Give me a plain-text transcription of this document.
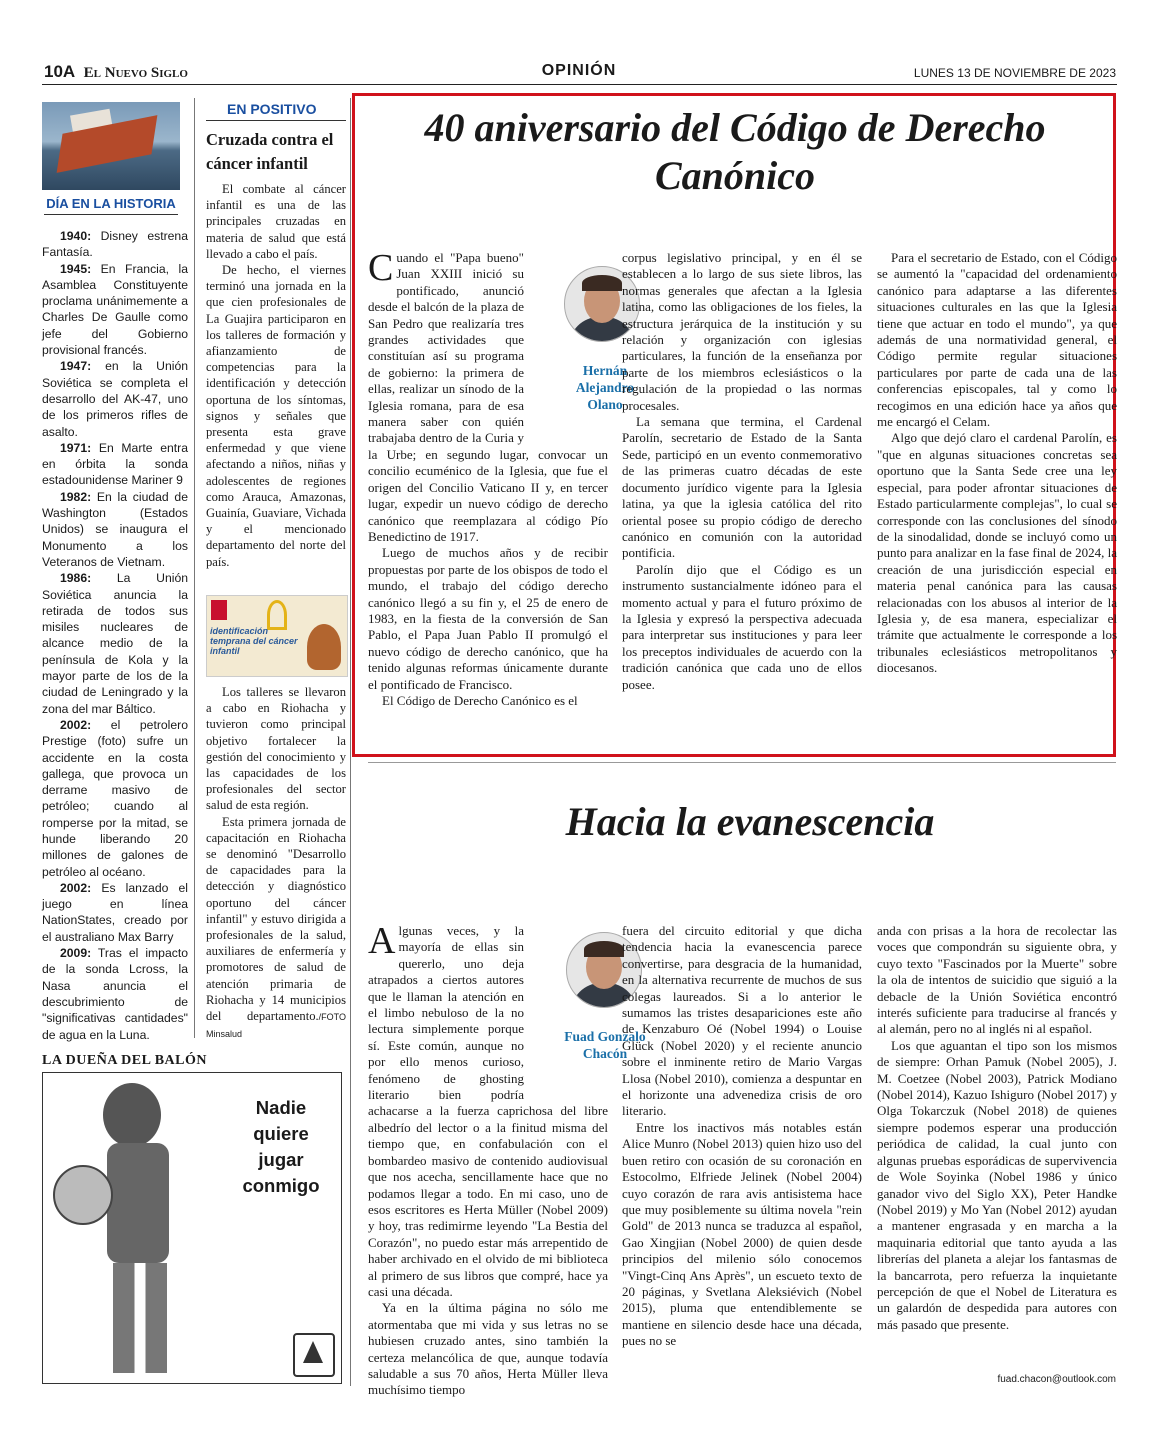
10A El Nuevo Siglo	OPINIÓN	LUNES 13 DE NOVIEMBRE DE 2023
DÍA EN LA HISTORIA

1940: Disney estrena Fantasía.

1945: En Francia, la Asamblea Constituyente proclama unánimemente a Charles De Gaulle como jefe del Gobierno provisional francés.

1947: en la Unión Soviética se completa el desarrollo del AK-47, uno de los primeros rifles de asalto.

1971: En Marte entra en órbita la sonda estadounidense Mariner 9

1982: En la ciudad de Washington (Estados Unidos) se inaugura el Monumento a los Veteranos de Vietnam.

1986: La Unión Soviética anuncia la retirada de todos sus misiles nucleares de alcance medio de la península de Kola y la mayor parte de los de la ciudad de Leningrado y la zona del mar Báltico.

2002: el petrolero Prestige (foto) sufre un accidente en la costa gallega, que provoca un derrame masivo de petróleo; cuando al romperse por la mitad, se hunde liberando 20 millones de galones de petróleo al océano.

2002: Es lanzado el juego en línea NationStates, creado por el australiano Max Barry

2009: Tras el impacto de la sonda Lcross, la Nasa anuncia el descubrimiento de "significativas cantidades" de agua en la Luna.

EN POSITIVO
Cruzada contra el cáncer infantil

El combate al cáncer infantil es una de las principales cruzadas en materia de salud que está llevado a cabo el país.

De hecho, el viernes terminó una jornada en la que cien profesionales de La Guajira participaron en los talleres de formación y afianzamiento de competencias para la identificación y detección oportuna de los síntomas, signos y señales que presenta esta grave enfermedad y que viene afectando a niños, niñas y adolescentes de regiones como Arauca, Amazonas, Guainía, Guaviare, Vichada y el mencionado departamento del norte del país.

identificación temprana del cáncer infantil

Los talleres se llevaron a cabo en Riohacha y tuvieron como principal objetivo fortalecer la gestión del conocimiento y las capacidades de los profesionales del sector salud de esta región.

Esta primera jornada de capacitación en Riohacha se denominó "Desarrollo de capacidades para la detección y diagnóstico oportuno del cáncer infantil" y estuvo dirigida a profesionales de la salud, auxiliares de enfermería y promotores de salud de atención primaria de Riohacha y 14 municipios del departamento./FOTO Minsalud

40 aniversario del Código de Derecho Canónico

Cuando el "Papa bueno" Juan XXIII inició su pontificado, anunció desde el balcón de la plaza de San Pedro que realizaría tres grandes actividades que constituían así su programa de gobierno: la primera de ellas, realizar un sínodo de la Iglesia romana, para de esa manera saber con quién trabajaba dentro de la Curia y la Urbe; en segundo lugar, convocar un concilio ecuménico de la Iglesia, que fue el origen del Concilio Vaticano II y, en tercer lugar, expedir un nuevo código de derecho canónico que reemplazara al código Pío Benedictino de 1917.

Luego de muchos años y de recibir propuestas por parte de los obispos de todo el mundo, el trabajo del código derecho canónico llegó a su fin y, el 25 de enero de 1983, en la fiesta de la conversión de San Pablo, el Papa Juan Pablo II promulgó el nuevo código de derecho canónico, que ha tenido algunas reformas únicamente durante el pontificado de Francisco.

El Código de Derecho Canónico es el

Hernán Alejandro Olano

corpus legislativo principal, y en él se establecen a lo largo de sus siete libros, las normas generales que afectan a la Iglesia latina, como las obligaciones de los fieles, la estructura jerárquica de la institución y su relación y organización con iglesias particulares, la función de la enseñanza por parte de los miembros eclesiásticos o la regulación de la propiedad o las normas procesales.

La semana que termina, el Cardenal Parolín, secretario de Estado de la Santa Sede, participó en un evento conmemorativo de las primeras cuatro décadas de este documento jurídico vigente para la Iglesia latina, ya que la iglesia católica del rito oriental posee su propio código de derecho canónico en comunión con la autoridad pontificia.

Parolín dijo que el Código es un instrumento sustancialmente idóneo para el momento actual y para el futuro próximo de la Iglesia y expresó la perspectiva adecuada para interpretar sus instituciones y para leer los preceptos individuales de acuerdo con la tradición canónica que cada uno de ellos posee.

Para el secretario de Estado, con el Código se aumentó la "capacidad del ordenamiento canónico para adaptarse a las diferentes situaciones culturales en las que la Iglesia tiene que actuar en todo el mundo", ya que además de una normatividad general, el Código permite regular situaciones particulares por parte de cada una de las conferencias episcopales, tal y como lo recogimos en una edición hace ya años que me encargó el Celam.

Algo que dejó claro el cardenal Parolín, es "que en algunas situaciones concretas sea oportuno que la Santa Sede cree una ley especial, para poder afrontar situaciones de Estado particularmente complejas", lo cual se corresponde con las conclusiones del sínodo de la sinodalidad, donde se incluyó como un punto para analizar en la fase final de 2024, la creación de una jurisdicción especial en materia penal canónica para las causas relacionadas con los abusos al interior de la Iglesia y, de esa manera, especializar el trámite que actualmente le corresponde a los tribunales eclesiásticos metropolitanos y diocesanos.

Hacia la evanescencia

Algunas veces, y la mayoría de ellas sin quererlo, uno deja atrapados a ciertos autores que le llaman la atención en el limbo nebuloso de la no lectura simplemente porque sí. Este común, aunque no por ello menos curioso, fenómeno de ghosting literario bien podría achacarse a la fuerza caprichosa del libre albedrío del lector o a la finitud misma del tiempo que, en confabulación con el bombardeo masivo de contenido audiovisual que nos acecha, sencillamente hace que no podamos llegar a todo. En mi caso, uno de esos escritores es Herta Müller (Nobel 2009) y hoy, tras redimirme leyendo "La Bestia del Corazón", no puedo estar más arrepentido de haber archivado en el olvido de mi biblioteca al primero de sus libros que compré, hace ya casi una década.

Ya en la última página no sólo me atormentaba que mi vida y sus letras no se hubiesen cruzado antes, sino también la certeza melancólica de que, aunque todavía saludable a sus 70 años, Herta Müller lleva muchísimo tiempo

Fuad Gonzalo Chacón

fuera del circuito editorial y que dicha tendencia hacia la evanescencia parece convertirse, para desgracia de la humanidad, en la alternativa recurrente de muchos de sus colegas laureados. Si a lo anterior le sumamos las tristes desapariciones este año de Kenzaburo Oé (Nobel 1994) o Louise Glück (Nobel 2020) y el reciente anuncio sobre el inminente retiro de Mario Vargas Llosa (Nobel 2010), comienza a despuntar en el horizonte una advenediza crisis de oro literario.

Entre los inactivos más notables están Alice Munro (Nobel 2013) quien hizo uso del buen retiro con ocasión de su coronación en Estocolmo, Elfriede Jelinek (Nobel 2004) cuyo corazón de rara avis antisistema hace que muy posiblemente su última novela "rein Gold" de 2013 nunca se traduzca al español, Gao Xingjian (Nobel 2000) de quien desde principios del milenio sólo conocemos "Vingt-Cinq Ans Après", un escueto texto de 20 páginas, y Svetlana Aleksiévich (Nobel 2015), pluma que entendiblemente se mantiene en silencio desde hace una década, pues no se

anda con prisas a la hora de recolectar las voces que compondrán su siguiente obra, y cuyo texto "Fascinados por la Muerte" sobre la ola de intentos de suicidio que siguió a la debacle de la Unión Soviética encontró interés suficiente para traducirse al francés y al alemán, pero no al inglés ni al español.

Los que aguantan el tipo son los mismos de siempre: Orhan Pamuk (Nobel 2005), J. M. Coetzee (Nobel 2003), Patrick Modiano (Nobel 2014), Kazuo Ishiguro (Nobel 2017) y Olga Tokarczuk (Nobel 2018) de quienes siempre podemos esperar una producción periódica de calidad, la cual junto con algunas pruebas esporádicas de supervivencia de Wole Soyinka (Nobel 1986 y único ganador vivo del Siglo XX), Peter Handke (Nobel 2019) y Mo Yan (Nobel 2012) ayudan a mantener engrasada y en marcha a la maquinaria editorial que tanto ayuda a las librerías del planeta a alejar los fantasmas de la bancarrota, pero refuerza la inquietante percepción de que el Nobel de Literatura es un galardón de despedida para autores con más pasado que presente.

fuad.chacon@outlook.com
LA DUEÑA DEL BALÓN
Nadie quiere jugar conmigo
